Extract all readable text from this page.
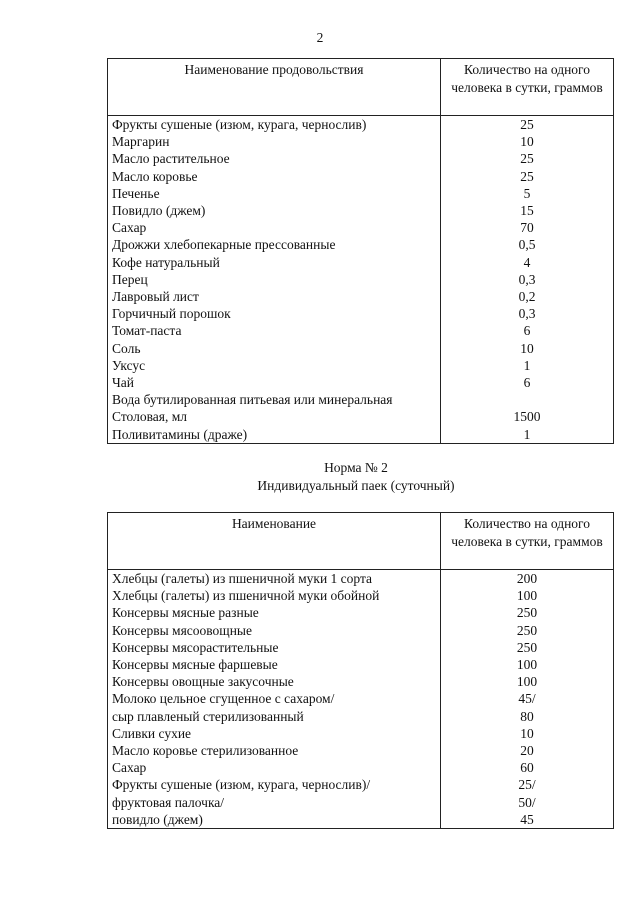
2
Наименование продовольствия	Количество на одного человека в сутки, граммов
Фрукты сушеные (изюм, курага, чернослив)	25
Маргарин	10
Масло растительное	25
Масло коровье	25
Печенье	5
Повидло (джем)	15
Сахар	70
Дрожжи хлебопекарные прессованные	0,5
Кофе натуральный	4
Перец	0,3
Лавровый лист	0,2
Горчичный порошок	0,3
Томат-паста	6
Соль	10
Уксус	1
Чай	6
Вода бутилированная питьевая или минеральная	
Столовая, мл	1500
Поливитамины (драже)	1
Норма № 2
Индивидуальный паек (суточный)
Наименование	Количество на одного человека в сутки, граммов
Хлебцы (галеты) из пшеничной муки 1 сорта	200
Хлебцы (галеты) из пшеничной муки обойной	100
Консервы мясные разные	250
Консервы мясоовощные	250
Консервы мясорастительные	250
Консервы мясные фаршевые	100
Консервы овощные закусочные	100
Молоко цельное сгущенное с сахаром/	45/
сыр плавленый стерилизованный	80
Сливки сухие	10
Масло коровье стерилизованное	20
Сахар	60
Фрукты сушеные (изюм, курага, чернослив)/	25/
фруктовая палочка/	50/
повидло (джем)	45
